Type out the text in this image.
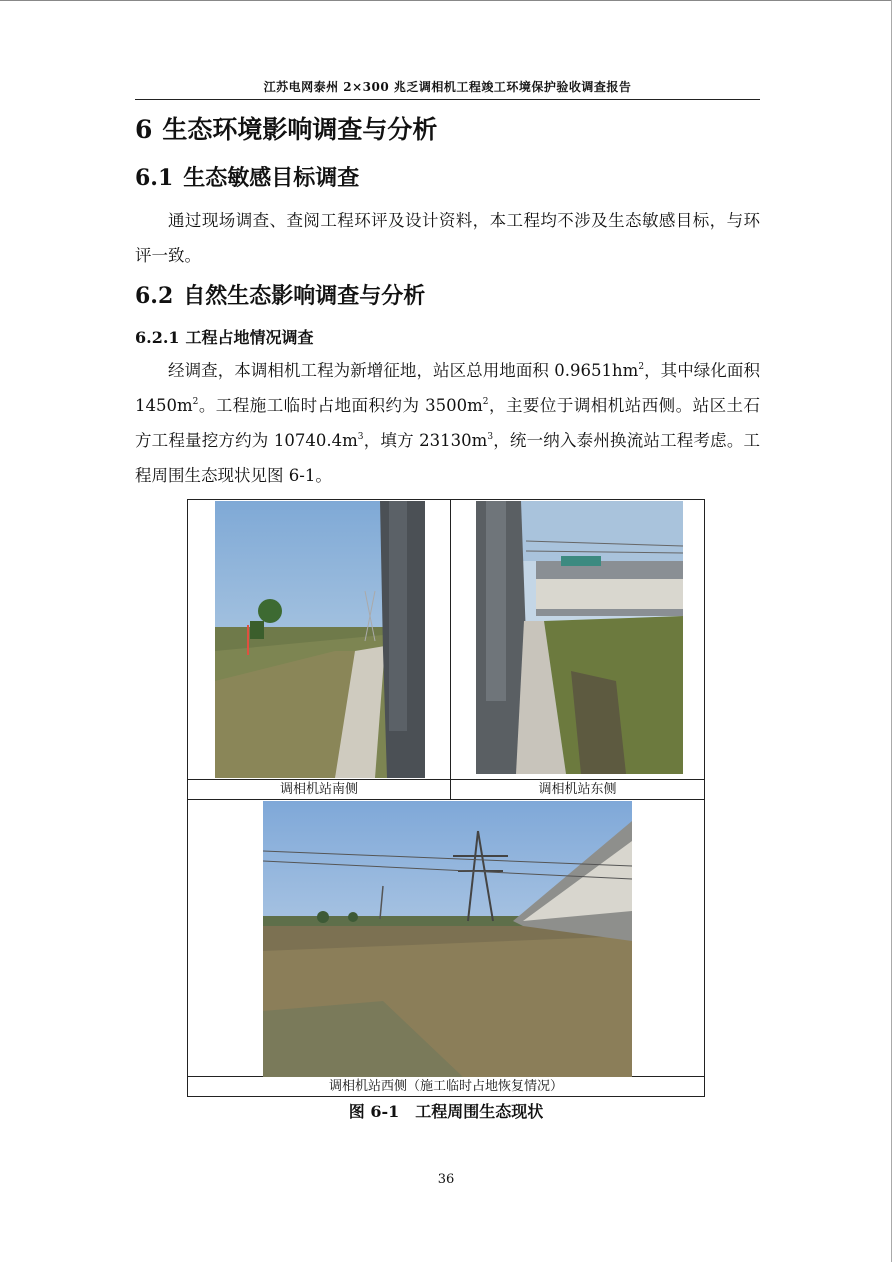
江苏电网泰州 2×300 兆乏调相机工程竣工环境保护验收调查报告
6 生态环境影响调查与分析
6.1 生态敏感目标调查
通过现场调查、查阅工程环评及设计资料，本工程均不涉及生态敏感目标，与环评一致。
6.2 自然生态影响调查与分析
6.2.1 工程占地情况调查
经调查，本调相机工程为新增征地，站区总用地面积 $0.9651hm^2$，其中绿化面积 $1450m^2$。工程施工临时占地面积约为 $3500m^2$，主要位于调相机站西侧。站区土石方工程量挖方约为 $10740.4m^3$，填方 $23130m^3$，统一纳入泰州换流站工程考虑。工程周围生态现状见图 6-1。
调相机站南侧	调相机站东侧
调相机站西侧（施工临时占地恢复情况）
图 6-1　工程周围生态现状
36
